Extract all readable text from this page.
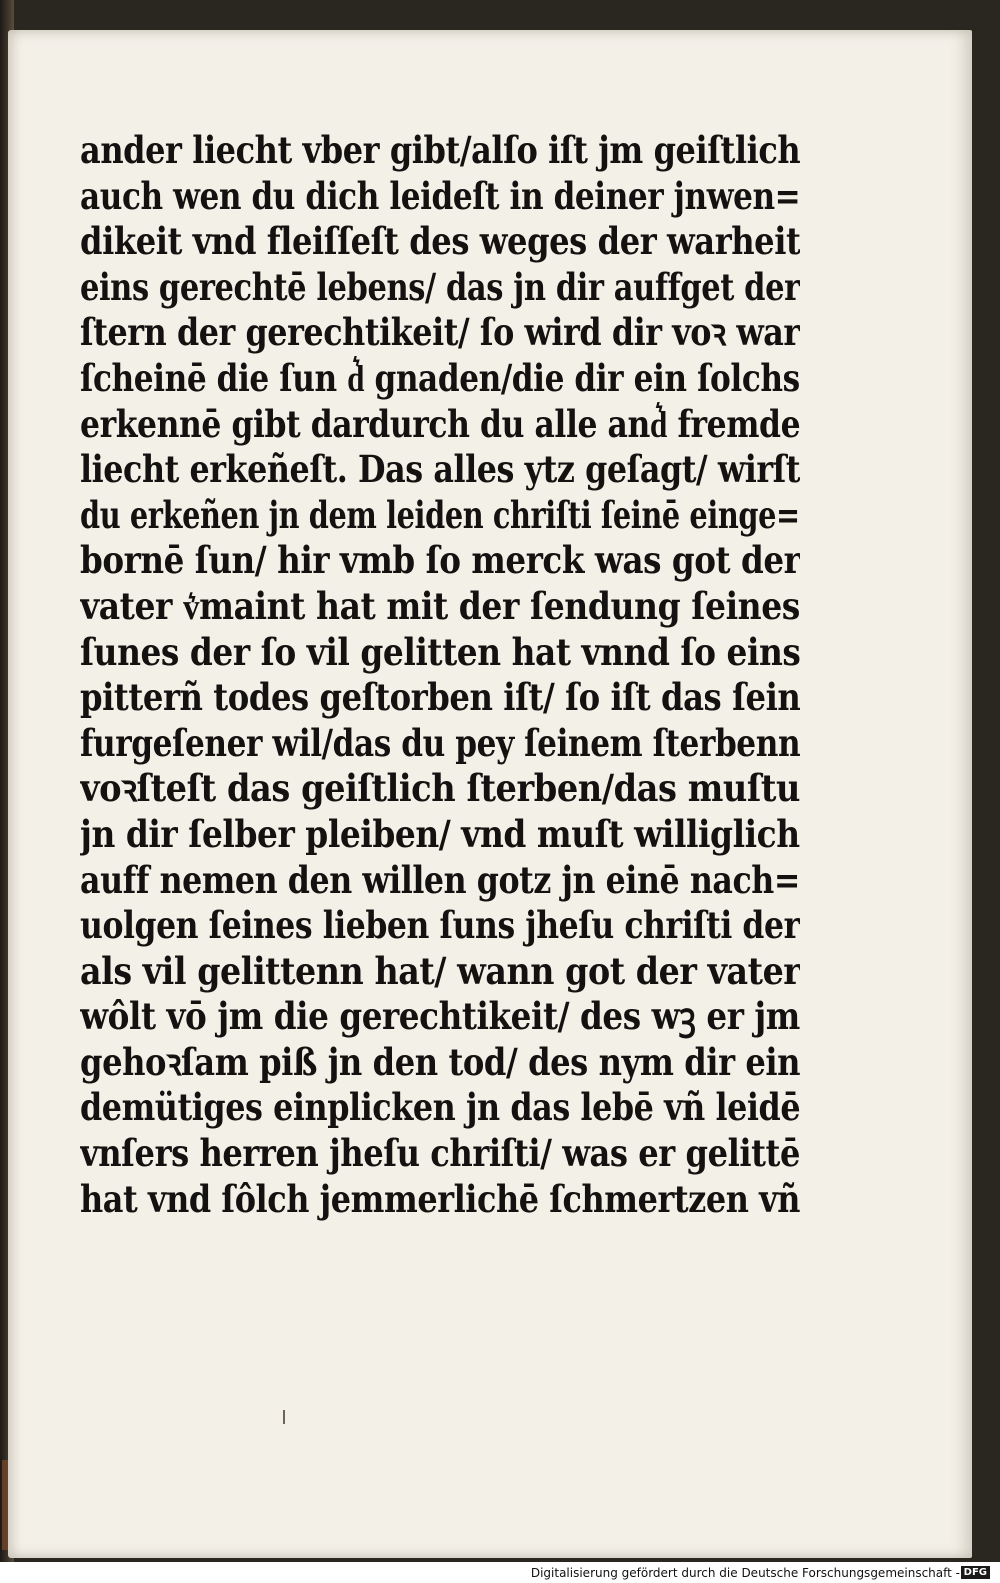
ander liecht vber gibt/alſo iſt jm geiſtlich
auch wen du dich leideſt in deiner jnwen=
dikeit vnd fleiſſeſt des weges der warheit
eins gerechtē lebens/ das jn dir auffget der
ſtern der gerechtikeit/ ſo wird dir voꝛ war
ſcheinē die ſun d͛ gnaden/die dir ein ſolchs
erkennē gibt dardurch du alle and͛ fremde
liecht erkeñeſt. Das alles ytz geſagt/ wirſt
du erkeñen jn dem leiden chriſti ſeinē einge=
bornē ſun/ hir vmb ſo merck was got der
vater v͛maint hat mit der ſendung ſeines
ſunes der ſo vil gelitten hat vnnd ſo eins
pitterñ todes geſtorben iſt/ ſo iſt das ſein
furgeſener wil/das du pey ſeinem ſterbenn
voꝛſteſt das geiſtlich ſterben/das muſtu
jn dir ſelber pleiben/ vnd muſt williglich
auff nemen den willen gotz jn einē nach=
uolgen ſeines lieben ſuns jheſu chriſti der
als vil gelittenn hat/ wann got der vater
wôlt vō jm die gerechtikeit/ des wꝫ er jm
gehoꝛſam piß jn den tod/ des nym dir ein
demütiges einplicken jn das lebē vñ leidē
vnſers herren jheſu chriſti/ was er gelittē
hat vnd ſôlch jemmerlichē ſchmertzen vñ
Digitalisierung gefördert durch die Deutsche Forschungsgemeinschaft - DFG
